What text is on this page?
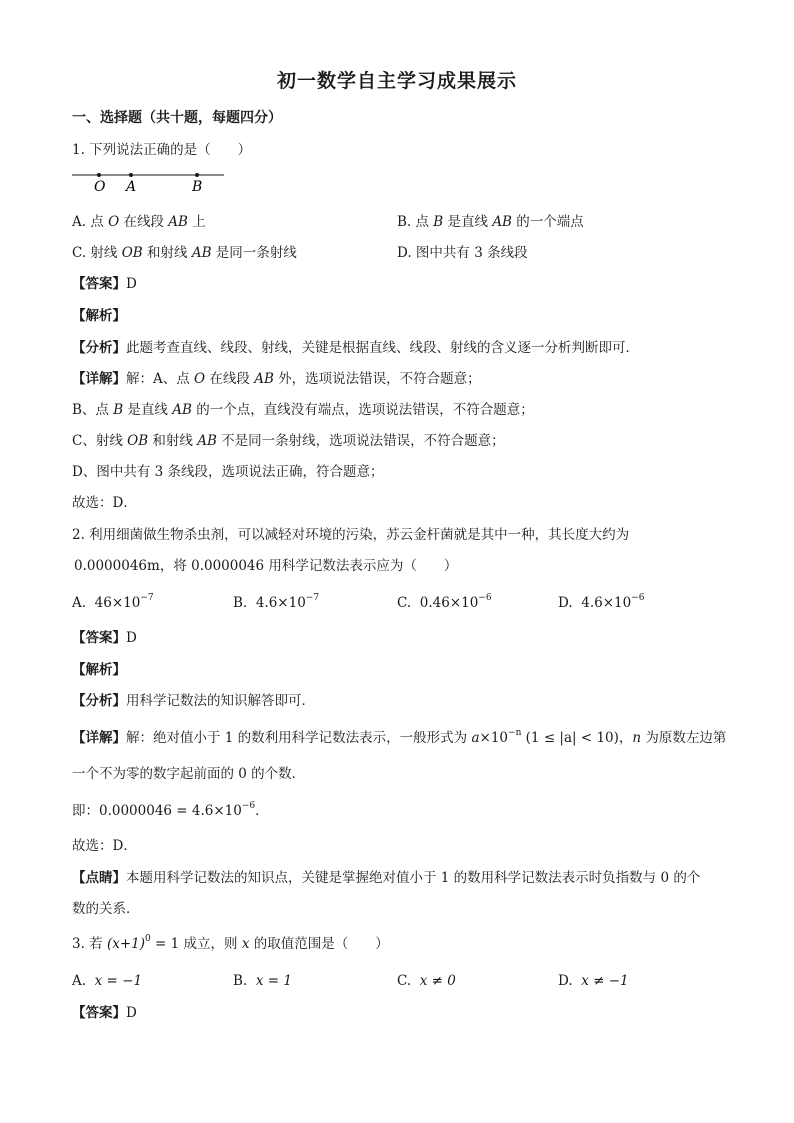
初一数学自主学习成果展示
一、选择题（共十题，每题四分）
1. 下列说法正确的是（　　）
O A	B
A. 点 O 在线段 AB 上	B. 点 B 是直线 AB 的一个端点
C. 射线 OB 和射线 AB 是同一条射线	D. 图中共有 3 条线段
【答案】D
【解析】
【分析】此题考查直线、线段、射线，关键是根据直线、线段、射线的含义逐一分析判断即可．
【详解】解：A、点 O 在线段 AB 外，选项说法错误，不符合题意；
B、点 B 是直线 AB 的一个点，直线没有端点，选项说法错误，不符合题意；
C、射线 OB 和射线 AB 不是同一条射线，选项说法错误，不符合题意；
D、图中共有 3 条线段，选项说法正确，符合题意；
故选：D．
2. 利用细菌做生物杀虫剂，可以减轻对环境的污染，苏云金杆菌就是其中一种，其长度大约为
0.0000046m，将 0.0000046 用科学记数法表示应为（　　）
A. $46\times 10^{-7}$	B. $4.6\times 10^{-7}$	C. $0.46\times 10^{-6}$	D. $4.6\times 10^{-6}$
【答案】D
【解析】
【分析】用科学记数法的知识解答即可．
【详解】解：绝对值小于 1 的数利用科学记数法表示，一般形式为 $a\times 10^{-n}$ (1 ≤ |a| < 10)，n 为原数左边第
一个不为零的数字起前面的 0 的个数．
即：$0.0000046 = 4.6\times 10^{-6}$．
故选：D．
【点睛】本题用科学记数法的知识点，关键是掌握绝对值小于 1 的数用科学记数法表示时负指数与 0 的个
数的关系．
3. 若 $(x+1)^0 = 1$ 成立，则 x 的取值范围是（　　）
A. x = −1	B. x = 1	C. x ≠ 0	D. x ≠ −1
【答案】D
